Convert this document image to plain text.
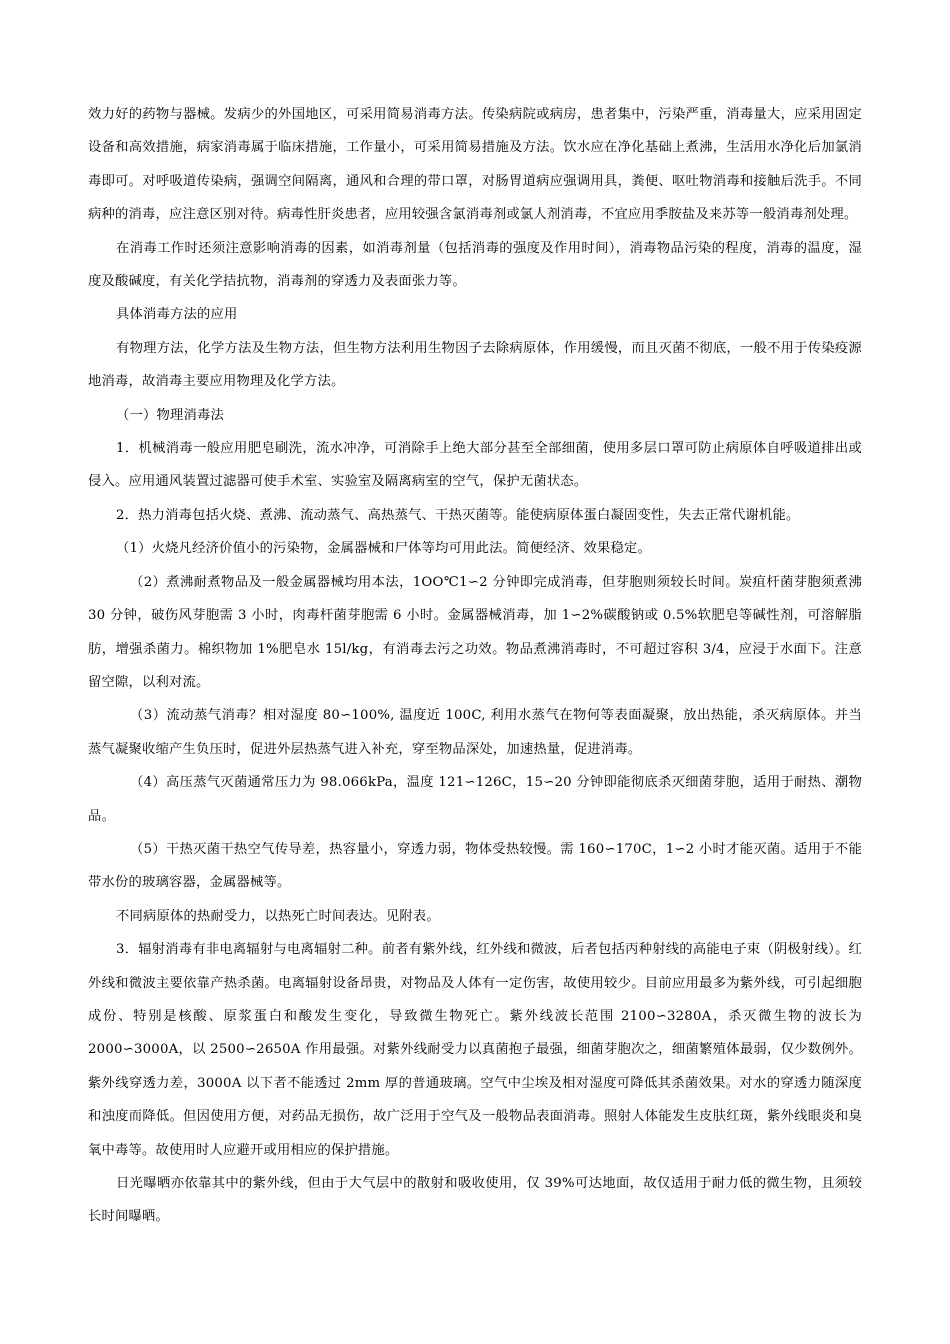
效力好的药物与器械。发病少的外国地区，可采用简易消毒方法。传染病院或病房，患者集中，污染严重，消毒量大，应采用固定设备和高效措施，病家消毒属于临床措施，工作量小，可采用简易措施及方法。饮水应在净化基础上煮沸，生活用水净化后加氯消毒即可。对呼吸道传染病，强调空间隔离，通风和合理的带口罩，对肠胃道病应强调用具，粪便、呕吐物消毒和接触后洗手。不同病种的消毒，应注意区别对待。病毒性肝炎患者，应用较强含氯消毒剂或氯人剂消毒，不宜应用季胺盐及来苏等一般消毒剂处理。

在消毒工作时还须注意影响消毒的因素，如消毒剂量（包括消毒的强度及作用时间），消毒物品污染的程度，消毒的温度，湿度及酸碱度，有关化学拮抗物，消毒剂的穿透力及表面张力等。

具体消毒方法的应用

有物理方法，化学方法及生物方法，但生物方法利用生物因子去除病原体，作用缓慢，而且灭菌不彻底，一般不用于传染疫源地消毒，故消毒主要应用物理及化学方法。

（一）物理消毒法

1．机械消毒一般应用肥皂刷洗，流水冲净，可消除手上绝大部分甚至全部细菌，使用多层口罩可防止病原体自呼吸道排出或侵入。应用通风装置过滤器可使手术室、实验室及隔离病室的空气，保护无菌状态。

2．热力消毒包括火烧、煮沸、流动蒸气、高热蒸气、干热灭菌等。能使病原体蛋白凝固变性，失去正常代谢机能。

（1）火烧凡经济价值小的污染物，金属器械和尸体等均可用此法。简便经济、效果稳定。

（2）煮沸耐煮物品及一般金属器械均用本法，1OO℃1∽2 分钟即完成消毒，但芽胞则须较长时间。炭疽杆菌芽胞须煮沸 30 分钟，破伤风芽胞需 3 小时，肉毒杆菌芽胞需 6 小时。金属器械消毒，加 1∽2%碳酸钠或 0.5%软肥皂等碱性剂，可溶解脂肪，增强杀菌力。棉织物加 1%肥皂水 15l/kg，有消毒去污之功效。物品煮沸消毒时，不可超过容积 3/4，应浸于水面下。注意留空隙，以利对流。

（3）流动蒸气消毒？相对湿度 80∽100%, 温度近 100C, 利用水蒸气在物何等表面凝聚，放出热能，杀灭病原体。并当蒸气凝聚收缩产生负压时，促进外层热蒸气进入补充，穿至物品深处，加速热量，促进消毒。

（4）高压蒸气灭菌通常压力为 98.066kPa，温度 121∽126C，15∽20 分钟即能彻底杀灭细菌芽胞，适用于耐热、潮物品。

（5）干热灭菌干热空气传导差，热容量小，穿透力弱，物体受热较慢。需 160∽170C，1∽2 小时才能灭菌。适用于不能带水份的玻璃容器，金属器械等。

不同病原体的热耐受力，以热死亡时间表达。见附表。

3．辐射消毒有非电离辐射与电离辐射二种。前者有紫外线，红外线和微波，后者包括丙种射线的高能电子束（阴极射线）。红外线和微波主要依靠产热杀菌。电离辐射设备昂贵，对物品及人体有一定伤害，故使用较少。目前应用最多为紫外线，可引起细胞成份、特别是核酸、原浆蛋白和酸发生变化，导致微生物死亡。紫外线波长范围 2100∽3280A，杀灭微生物的波长为 2000∽3000A，以 2500∽2650A 作用最强。对紫外线耐受力以真菌抱子最强，细菌芽胞次之，细菌繁殖体最弱，仅少数例外。紫外线穿透力差，3000A 以下者不能透过 2mm 厚的普通玻璃。空气中尘埃及相对湿度可降低其杀菌效果。对水的穿透力随深度和浊度而降低。但因使用方便，对药品无损伤，故广泛用于空气及一般物品表面消毒。照射人体能发生皮肤红斑，紫外线眼炎和臭氧中毒等。故使用时人应避开或用相应的保护措施。

日光曝晒亦依靠其中的紫外线，但由于大气层中的散射和吸收使用，仅 39%可达地面，故仅适用于耐力低的微生物，且须较长时间曝晒。
